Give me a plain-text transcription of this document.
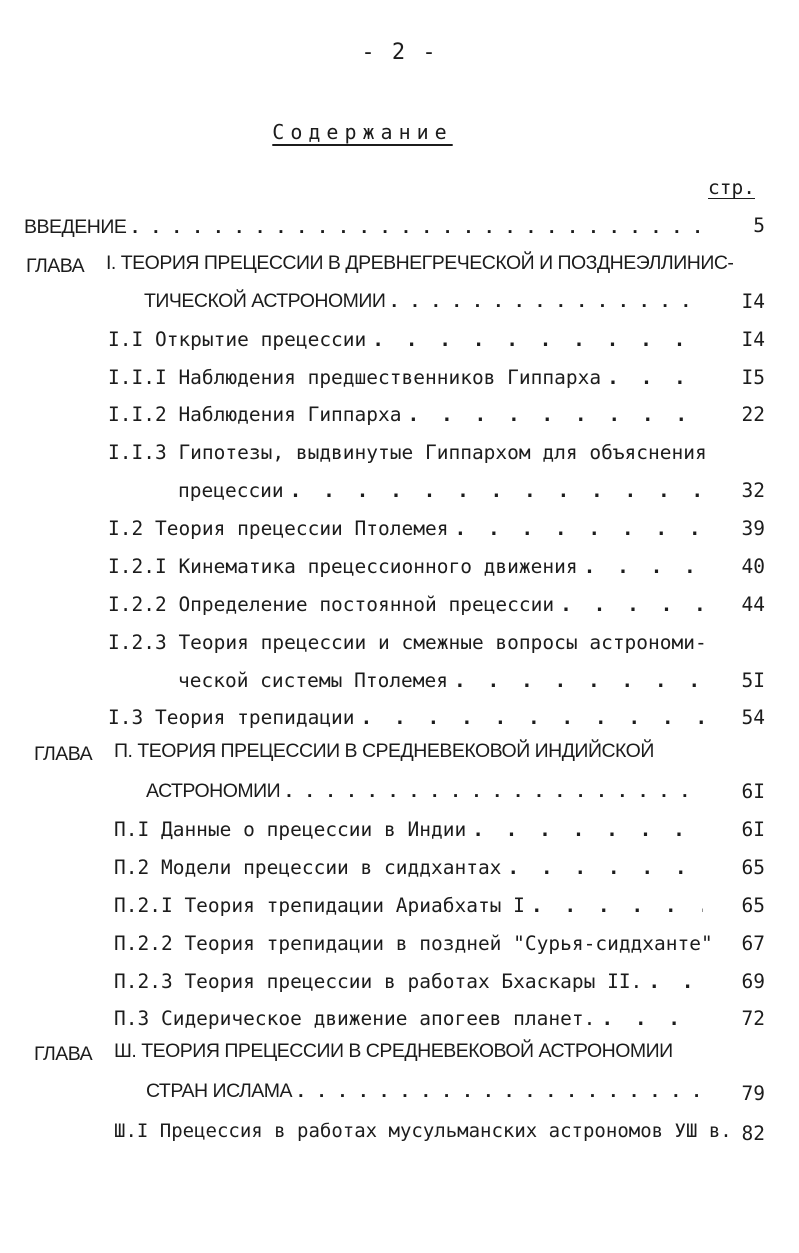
- 2 -
Содержание
стр.
ВВЕДЕНИЕ . . .	5
ГЛАВА I. ТЕОРИЯ ПРЕЦЕССИИ В ДРЕВНЕГРЕЧЕСКОЙ И ПОЗДНЕЭЛЛИНИС-
ТИЧЕСКОЙ АСТРОНОМИИ . . .	I4
I.I Открытие прецессии . . .	I4
I.I.I Наблюдения предшественников Гиппарха . . .	I5
I.I.2 Наблюдения Гиппарха . . .	22
I.I.3 Гипотезы, выдвинутые Гиппархом для объяснения
прецессии . . .	32
I.2 Теория прецессии Птолемея . . .	39
I.2.I Кинематика прецессионного движения . . .	40
I.2.2 Определение постоянной прецессии . . .	44
I.2.3 Теория прецессии и смежные вопросы астрономи-
ческой системы Птолемея . . .	5I
I.3 Теория трепидации . . .	54
ГЛАВА П. ТЕОРИЯ ПРЕЦЕССИИ В СРЕДНЕВЕКОВОЙ ИНДИЙСКОЙ
АСТРОНОМИИ . . .	6I
П.I Данные о прецессии в Индии . . .	6I
П.2 Модели прецессии в сиддхантах . . .	65
П.2.I Теория трепидации Ариабхаты I . . .	65
П.2.2 Теория трепидации в поздней "Сурья-сиддханте"	67
П.2.3 Теория прецессии в работах Бхаскары II. . . .	69
П.3 Сидерическое движение апогеев планет. . . .	72
ГЛАВА Ш. ТЕОРИЯ ПРЕЦЕССИИ В СРЕДНЕВЕКОВОЙ АСТРОНОМИИ
СТРАН ИСЛАМА . . .	79
Ш.I Прецессия в работах мусульманских астрономов УШ в. 82
